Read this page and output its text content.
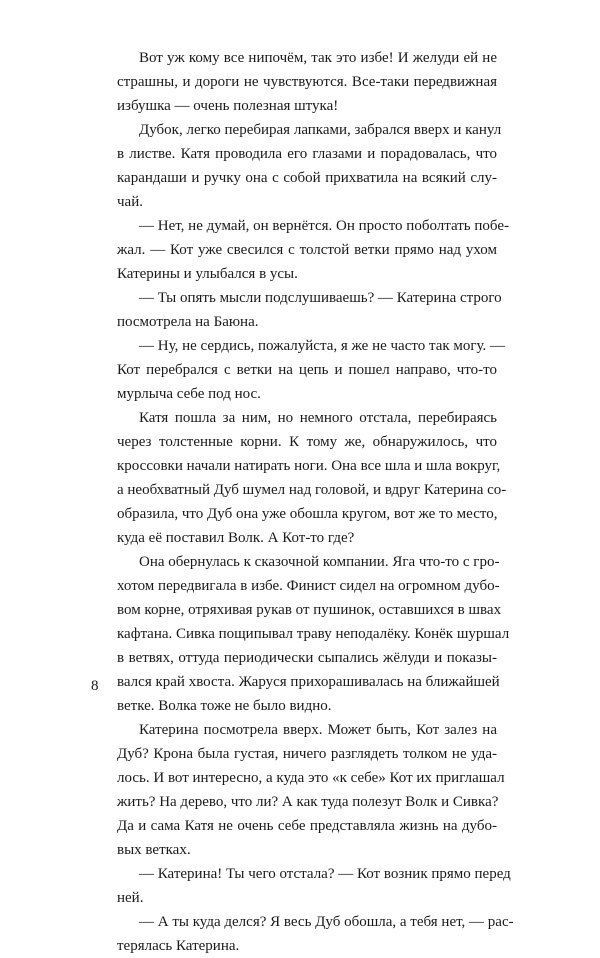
Вот уж кому все нипочём, так это избе! И желуди ей не
страшны, и дороги не чувствуются. Все-таки передвижная
избушка — очень полезная штука!
Дубок, легко перебирая лапками, забрался вверх и канул
в листве. Катя проводила его глазами и порадовалась, что
карандаши и ручку она с собой прихватила на всякий слу-
чай.
— Нет, не думай, он вернётся. Он просто поболтать побе-
жал. — Кот уже свесился с толстой ветки прямо над ухом
Катерины и улыбался в усы.
— Ты опять мысли подслушиваешь? — Катерина строго
посмотрела на Баюна.
— Ну, не сердись, пожалуйста, я же не часто так могу. —
Кот перебрался с ветки на цепь и пошел направо, что-то
мурлыча себе под нос.
Катя пошла за ним, но немного отстала, перебираясь
через толстенные корни. К тому же, обнаружилось, что
кроссовки начали натирать ноги. Она все шла и шла вокруг,
а необхватный Дуб шумел над головой, и вдруг Катерина со-
образила, что Дуб она уже обошла кругом, вот же то место,
куда её поставил Волк. А Кот-то где?
Она обернулась к сказочной компании. Яга что-то с гро-
хотом передвигала в избе. Финист сидел на огромном дубо-
вом корне, отряхивая рукав от пушинок, оставшихся в швах
кафтана. Сивка пощипывал траву неподалёку. Конёк шуршал
в ветвях, оттуда периодически сыпались жёлуди и показы-
вался край хвоста. Жаруся прихорашивалась на ближайшей
ветке. Волка тоже не было видно.
Катерина посмотрела вверх. Может быть, Кот залез на
Дуб? Крона была густая, ничего разглядеть толком не уда-
лось. И вот интересно, а куда это «к себе» Кот их приглашал
жить? На дерево, что ли? А как туда полезут Волк и Сивка?
Да и сама Катя не очень себе представляла жизнь на дубо-
вых ветках.
— Катерина! Ты чего отстала? — Кот возник прямо перед
ней.
— А ты куда делся? Я весь Дуб обошла, а тебя нет, — рас-
терялась Катерина.
8
